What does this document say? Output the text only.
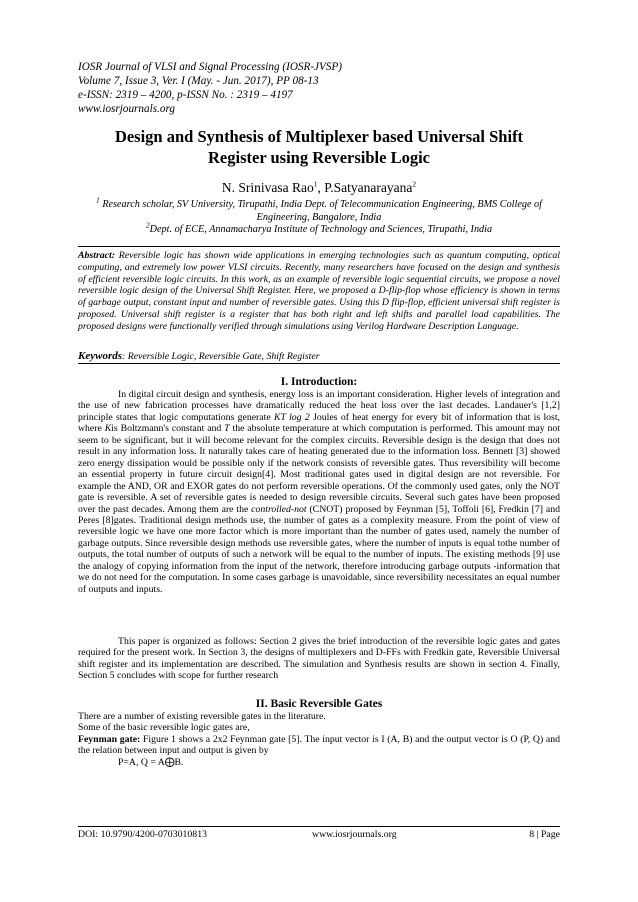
IOSR Journal of VLSI and Signal Processing (IOSR-JVSP)
Volume 7, Issue 3, Ver. I (May. - Jun. 2017), PP 08-13
e-ISSN: 2319 – 4200, p-ISSN No. : 2319 – 4197
www.iosrjournals.org
Design and Synthesis of Multiplexer based Universal Shift
Register using Reversible Logic
N. Srinivasa Rao$^1$, P.Satyanarayana$^2$
$^1$ Research scholar, SV University, Tirupathi, India Dept. of Telecommunication Engineering, BMS College of Engineering, Bangalore, India
$^2$Dept. of ECE, Annamacharya Institute of Technology and Sciences, Tirupathi, India
Abstract: Reversible logic has shown wide applications in emerging technologies such as quantum computing, optical computing, and extremely low power VLSI circuits. Recently, many researchers have focused on the design and synthesis of efficient reversible logic circuits. In this work, as an example of reversible logic sequential circuits, we propose a novel reversible logic design of the Universal Shift Register. Here, we proposed a D-flip-flop whose efficiency is shown in terms of garbage output, constant input and number of reversible gates. Using this D flip-flop, efficient universal shift register is proposed. Universal shift register is a register that has both right and left shifts and parallel load capabilities. The proposed designs were functionally verified through simulations using Verilog Hardware Description Language.
Keywords: Reversible Logic, Reversible Gate, Shift Register
I. Introduction:

In digital circuit design and synthesis, energy loss is an important consideration. Higher levels of integration and the use of new fabrication processes have dramatically reduced the heat loss over the last decades. Landauer's [1,2] principle states that logic computations generate KT log 2 Joules of heat energy for every bit of information that is lost, where Kis Boltzmann's constant and T the absolute temperature at which computation is performed. This amount may not seem to be significant, but it will become relevant for the complex circuits. Reversible design is the design that does not result in any information loss. It naturally takes care of heating generated due to the information loss. Bennett [3] showed zero energy dissipation would be possible only if the network consists of reversible gates. Thus reversibility will become an essential property in future circuit design[4]. Most traditional gates used in digital design are not reversible. For example the AND, OR and EXOR gates do not perform reversible operations. Of the commonly used gates, only the NOT gate is reversible. A set of reversible gates is needed to design reversible circuits. Several such gates have been proposed over the past decades. Among them are the controlled-not (CNOT) proposed by Feynman [5], Toffoli [6], Fredkin [7] and Peres [8]gates. Traditional design methods use, the number of gates as a complexity measure. From the point of view of reversible logic we have one more factor which is more important than the number of gates used, namely the number of garbage outputs. Since reversible design methods use reversible gates, where the number of inputs is equal tothe number of outputs, the total number of outputs of such a network will be equal to the number of inputs. The existing methods [9] use the analogy of copying information from the input of the network, therefore introducing garbage outputs -information that we do not need for the computation. In some cases garbage is unavoidable, since reversibility necessitates an equal number of outputs and inputs.

This paper is organized as follows: Section 2 gives the brief introduction of the reversible logic gates and gates required for the present work. In Section 3, the designs of multiplexers and D-FFs with Fredkin gate, Reversible Universal shift register and its implementation are described. The simulation and Synthesis results are shown in section 4. Finally, Section 5 concludes with scope for further research

II. Basic Reversible Gates

There are a number of existing reversible gates in the literature.

Some of the basic reversible logic gates are,

Feynman gate: Figure 1 shows a 2x2 Feynman gate [5]. The input vector is I (A, B) and the output vector is O (P, Q) and the relation between input and output is given by

P=A, Q = A⨁B.

DOI: 10.9790/4200-0703010813	www.iosrjournals.org	8 | Page
